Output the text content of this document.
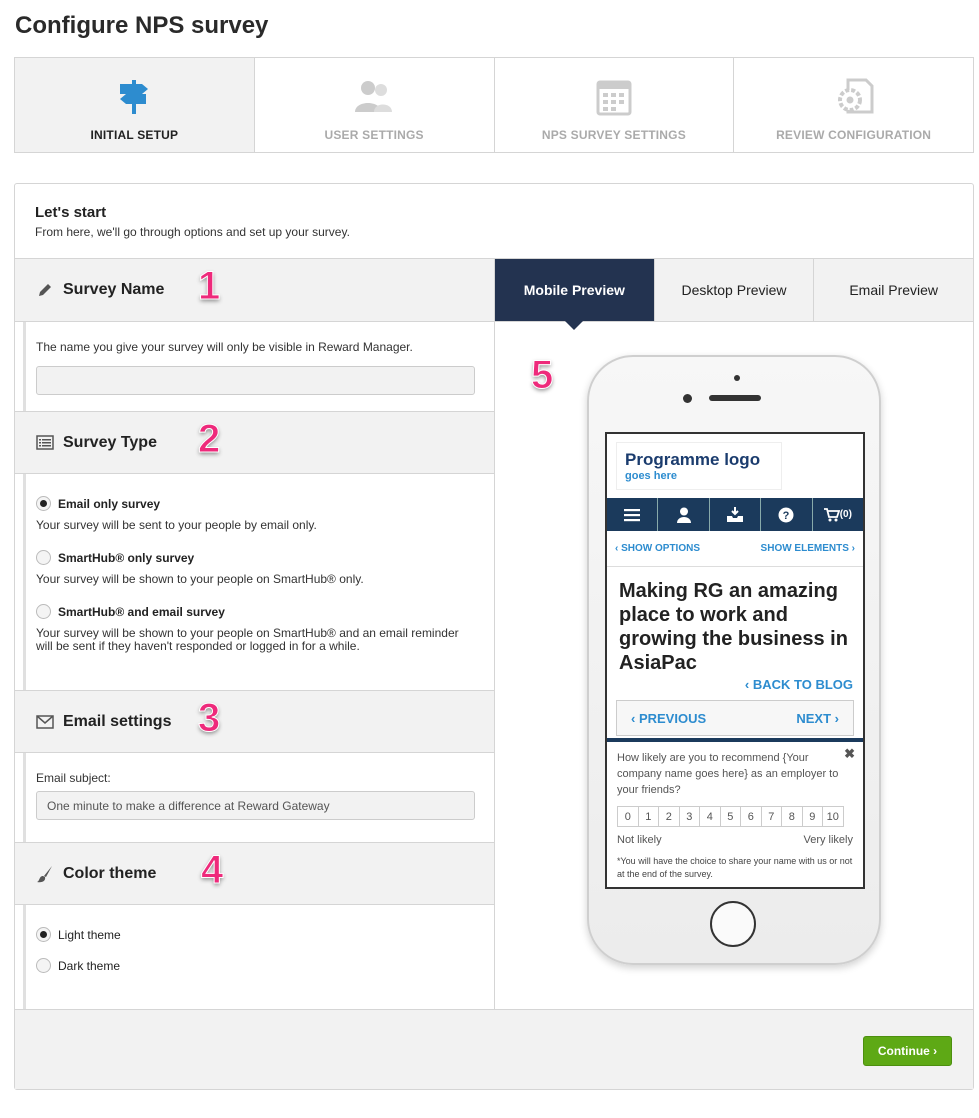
Configure NPS survey
INITIAL SETUP	USER SETTINGS	NPS SURVEY SETTINGS	REVIEW CONFIGURATION
Let's start

From here, we'll go through options and set up your survey.

Survey Name 1
The name you give your survey will only be visible in Reward Manager.
Survey Type 2
Email only survey
Your survey will be sent to your people by email only.
SmartHub® only survey
Your survey will be shown to your people on SmartHub® only.
SmartHub® and email survey
Your survey will be shown to your people on SmartHub® and an email reminder will be sent if they haven't responded or logged in for a while.
Email settings 3
Email subject:
One minute to make a difference at Reward Gateway
Color theme 4
Light theme
Dark theme
Mobile Preview	Desktop Preview	Email Preview
5
Programme logo
goes here
?	(0)
‹ SHOW OPTIONS	SHOW ELEMENTS ›
Making RG an amazing place to work and growing the business in AsiaPac
‹ BACK TO BLOG
‹ PREVIOUS	NEXT ›
✖
How likely are you to recommend {Your company name goes here} as an employer to your friends?
0	1	2	3	4	5	6	7	8	9	10
Not likely	Very likely
*You will have the choice to share your name with us or not at the end of the survey.
Continue ›
